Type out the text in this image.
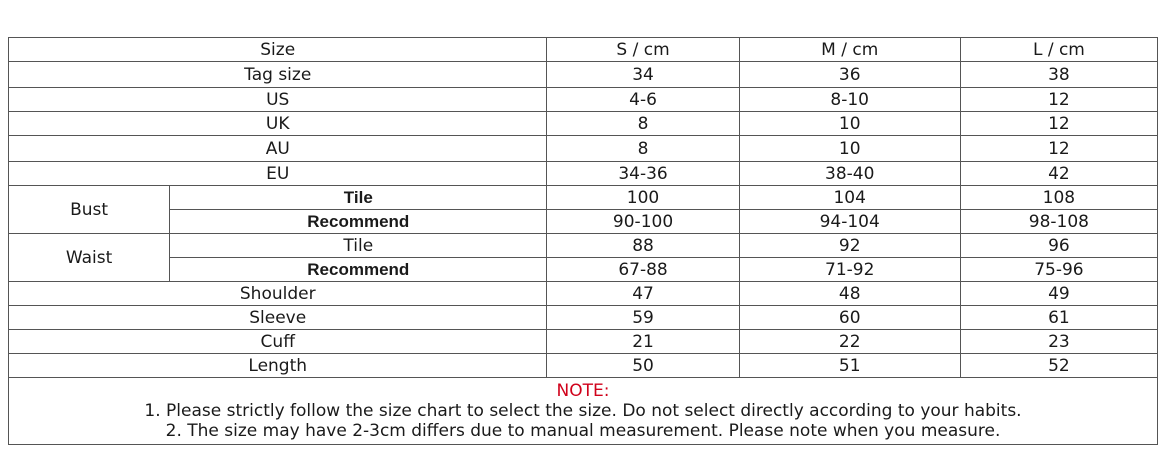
Size		S / cm	M / cm	L / cm
Tag size		34	36	38
US		4-6	8-10	12
UK		8	10	12
AU		8	10	12
EU		34-36	38-40	42
Bust	Tile	100	104	108
	Recommend	90-100	94-104	98-108
Waist	Tile	88	92	96
	Recommend	67-88	71-92	75-96
Shoulder		47	48	49
Sleeve		59	60	61
Cuff		21	22	23
Length		50	51	52

NOTE:
1. Please strictly follow the size chart to select the size. Do not select directly according to your habits.
2. The size may have 2-3cm differs due to manual measurement. Please note when you measure.				
